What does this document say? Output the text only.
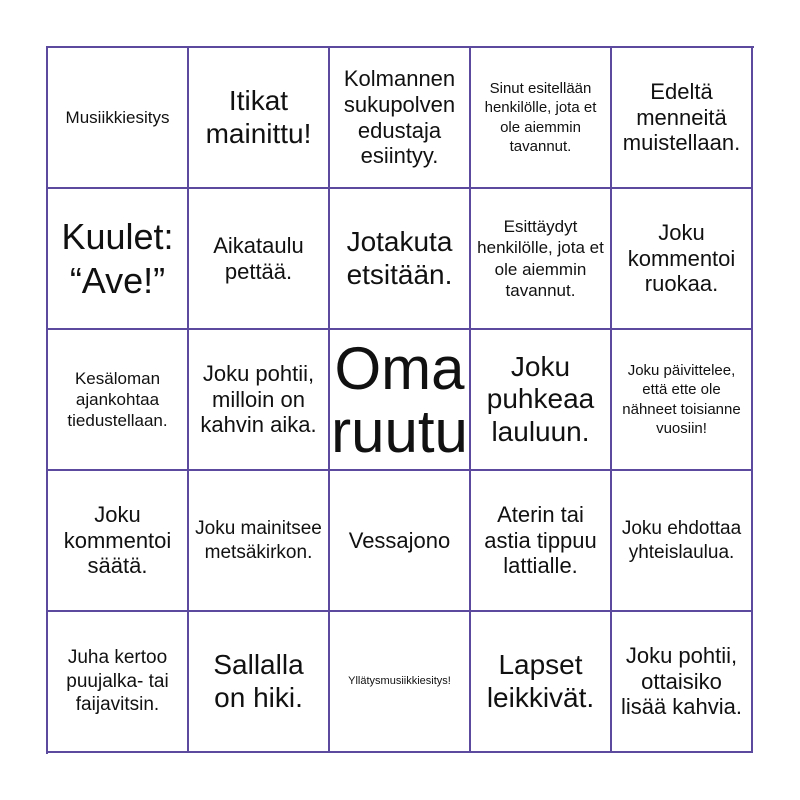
Musiikkiesitys
Itikat mainittu!
Kolmannen sukupolven edustaja esiintyy.
Sinut esitellään henkilölle, jota et ole aiemmin tavannut.
Edeltä menneitä muistellaan.
Kuulet: “Ave!”
Aikataulu pettää.
Jotakuta etsitään.
Esittäydyt henkilölle, jota et ole aiemmin tavannut.
Joku kommentoi ruokaa.
Kesäloman ajankohtaa tiedustellaan.
Joku pohtii, milloin on kahvin aika.
Oma ruutu
Joku puhkeaa lauluun.
Joku päivittelee, että ette ole nähneet toisianne vuosiin!
Joku kommentoi säätä.
Joku mainitsee metsäkirkon.	Vessajono
Aterin tai astia tippuu lattialle.
Joku ehdottaa yhteislaulua.
Juha kertoo puujalka- tai faijavitsin.
Sallalla on hiki.
Yllätysmusiikkiesitys!
Lapset leikkivät.
Joku pohtii, ottaisiko lisää kahvia.
